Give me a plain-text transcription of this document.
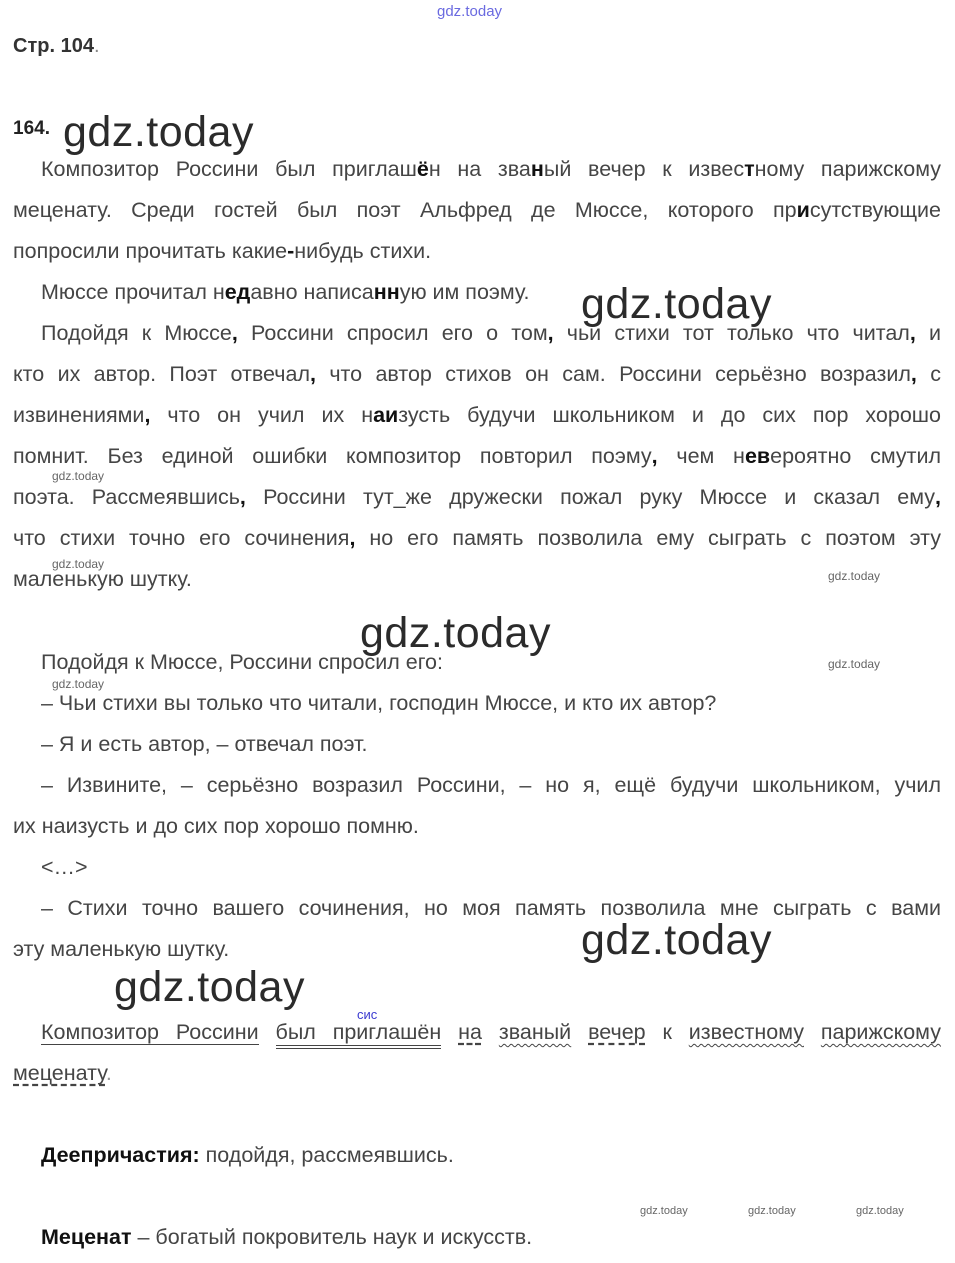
gdz.today
Стр. 104.
164. gdz.today
gdz.today
gdz.today
gdz.today
gdz.today
gdz.today
gdz.today
gdz.today
gdz.today
gdz.today
gdz.today	gdz.today	gdz.today
Композитор Россини был приглашён на званый вечер к известному парижскому
меценату. Среди гостей был поэт Альфред де Мюссе, которого присутствующие
попросили прочитать какие-нибудь стихи.
Мюссе прочитал недавно написанную им поэму.
Подойдя к Мюссе, Россини спросил его о том, чьи стихи тот только что читал, и
кто их автор. Поэт отвечал, что автор стихов он сам. Россини серьёзно возразил, с
извинениями, что он учил их наизусть будучи школьником и до сих пор хорошо
помнит. Без единой ошибки композитор повторил поэму, чем невероятно смутил
поэта. Рассмеявшись, Россини тут_же дружески пожал руку Мюссе и сказал ему,
что стихи точно его сочинения, но его память позволила ему сыграть с поэтом эту
маленькую шутку.
Подойдя к Мюссе, Россини спросил его:
– Чьи стихи вы только что читали, господин Мюссе, и кто их автор?
– Я и есть автор, – отвечал поэт.
– Извините, – серьёзно возразил Россини, – но я, ещё будучи школьником, учил
их наизусть и до сих пор хорошо помню.
<…>
– Стихи точно вашего сочинения, но моя память позволила мне сыграть с вами
эту маленькую шутку.
сис
Композитор Россини был приглашён на званый вечер к известному парижскому
меценату.
Деепричастия: подойдя, рассмеявшись.
Меценат – богатый покровитель наук и искусств.
